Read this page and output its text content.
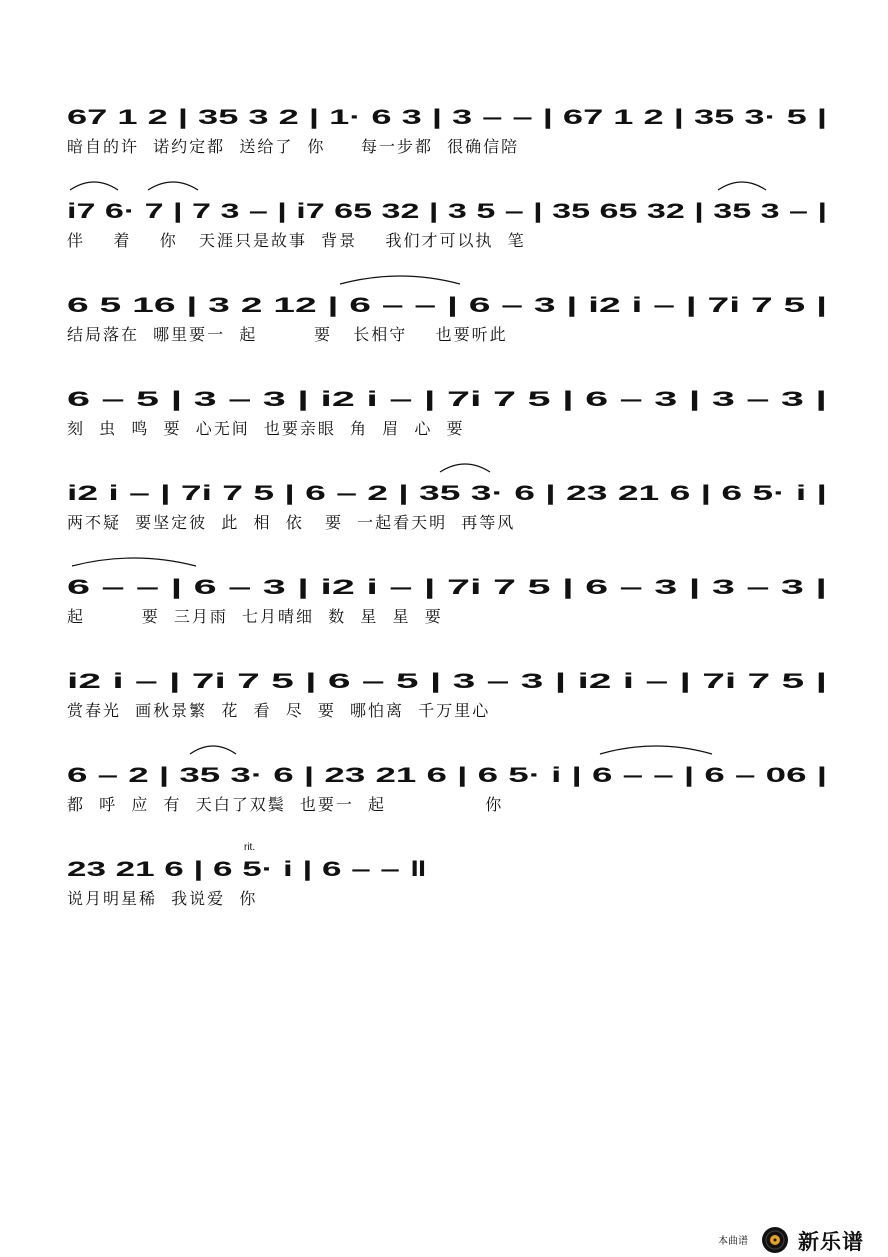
67 1 2 | 35 3 2 | 1· 6 3 | 3 – – | 67 1 2 | 35 3· 5 |
暗自的许  诺约定都  送给了  你     每一步都  很确信陪
i7 6· 7 | 7 3 – | i7 65 32 | 3 5 – | 35 65 32 | 35 3 – |
伴    着    你   天涯只是故事  背景    我们才可以执  笔
6 5 16 | 3 2 12 | 6 – – | 6 – 3 | i2 i – | 7i 7 5 |
结局落在  哪里要一  起        要   长相守    也要听此
6 – 5 | 3 – 3 | i2 i – | 7i 7 5 | 6 – 3 | 3 – 3 |
刻  虫  鸣  要  心无间  也要亲眼  角  眉  心  要
i2 i – | 7i 7 5 | 6 – 2 | 35 3· 6 | 23 21 6 | 6 5· i |
两不疑  要坚定彼  此  相  依   要  一起看天明  再等风
6 – – | 6 – 3 | i2 i – | 7i 7 5 | 6 – 3 | 3 – 3 |
起        要  三月雨  七月晴细  数  星  星  要
i2 i – | 7i 7 5 | 6 – 5 | 3 – 3 | i2 i – | 7i 7 5 |
赏春光  画秋景繁  花  看  尽  要  哪怕离  千万里心
6 – 2 | 35 3· 6 | 23 21 6 | 6 5· i | 6 – – | 6 – 06 |
都  呼  应  有  天白了双鬓  也要一  起              你
23 21 6 | 6 5· i | 6 – – ‖
说月明星稀  我说爱  你
本曲谱 新乐谱
rit.
